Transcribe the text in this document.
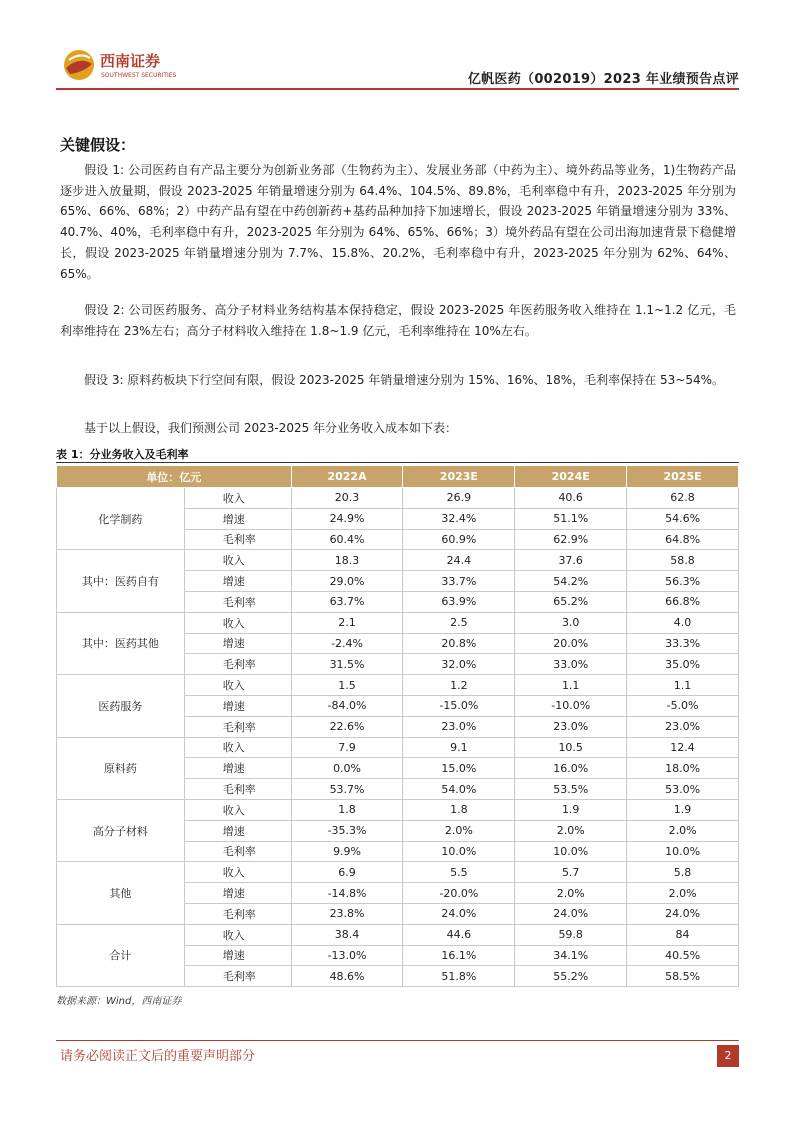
西南证券
SOUTHWEST SECURITIES	亿帆医药（002019）2023 年业绩预告点评
关键假设：

假设 1: 公司医药自有产品主要分为创新业务部（生物药为主）、发展业务部（中药为主）、境外药品等业务，1)生物药产品逐步进入放量期，假设 2023-2025 年销量增速分别为 64.4%、104.5%、89.8%，毛利率稳中有升，2023-2025 年分别为 65%、66%、68%；2）中药产品有望在中药创新药+基药品种加持下加速增长，假设 2023-2025 年销量增速分别为 33%、40.7%、40%，毛利率稳中有升，2023-2025 年分别为 64%、65%、66%；3）境外药品有望在公司出海加速背景下稳健增长，假设 2023-2025 年销量增速分别为 7.7%、15.8%、20.2%，毛利率稳中有升，2023-2025 年分别为 62%、64%、65%。

假设 2: 公司医药服务、高分子材料业务结构基本保持稳定，假设 2023-2025 年医药服务收入维持在 1.1~1.2 亿元，毛利率维持在 23%左右；高分子材料收入维持在 1.8~1.9 亿元，毛利率维持在 10%左右。

假设 3: 原料药板块下行空间有限，假设 2023-2025 年销量增速分别为 15%、16%、18%，毛利率保持在 53~54%。

基于以上假设，我们预测公司 2023-2025 年分业务收入成本如下表：

表 1：分业务收入及毛利率
单位：亿元		2022A	2023E	2024E	2025E
化学制药	收入	20.3	26.9	40.6	62.8
	增速	24.9%	32.4%	51.1%	54.6%
	毛利率	60.4%	60.9%	62.9%	64.8%
其中：医药自有	收入	18.3	24.4	37.6	58.8
	增速	29.0%	33.7%	54.2%	56.3%
	毛利率	63.7%	63.9%	65.2%	66.8%
其中：医药其他	收入	2.1	2.5	3.0	4.0
	增速	-2.4%	20.8%	20.0%	33.3%
	毛利率	31.5%	32.0%	33.0%	35.0%
医药服务	收入	1.5	1.2	1.1	1.1
	增速	-84.0%	-15.0%	-10.0%	-5.0%
	毛利率	22.6%	23.0%	23.0%	23.0%
原料药	收入	7.9	9.1	10.5	12.4
	增速	0.0%	15.0%	16.0%	18.0%
	毛利率	53.7%	54.0%	53.5%	53.0%
高分子材料	收入	1.8	1.8	1.9	1.9
	增速	-35.3%	2.0%	2.0%	2.0%
	毛利率	9.9%	10.0%	10.0%	10.0%
其他	收入	6.9	5.5	5.7	5.8
	增速	-14.8%	-20.0%	2.0%	2.0%
	毛利率	23.8%	24.0%	24.0%	24.0%
合计	收入	38.4	44.6	59.8	84
	增速	-13.0%	16.1%	34.1%	40.5%
	毛利率	48.6%	51.8%	55.2%	58.5%
数据来源：Wind，西南证券
请务必阅读正文后的重要声明部分	2
